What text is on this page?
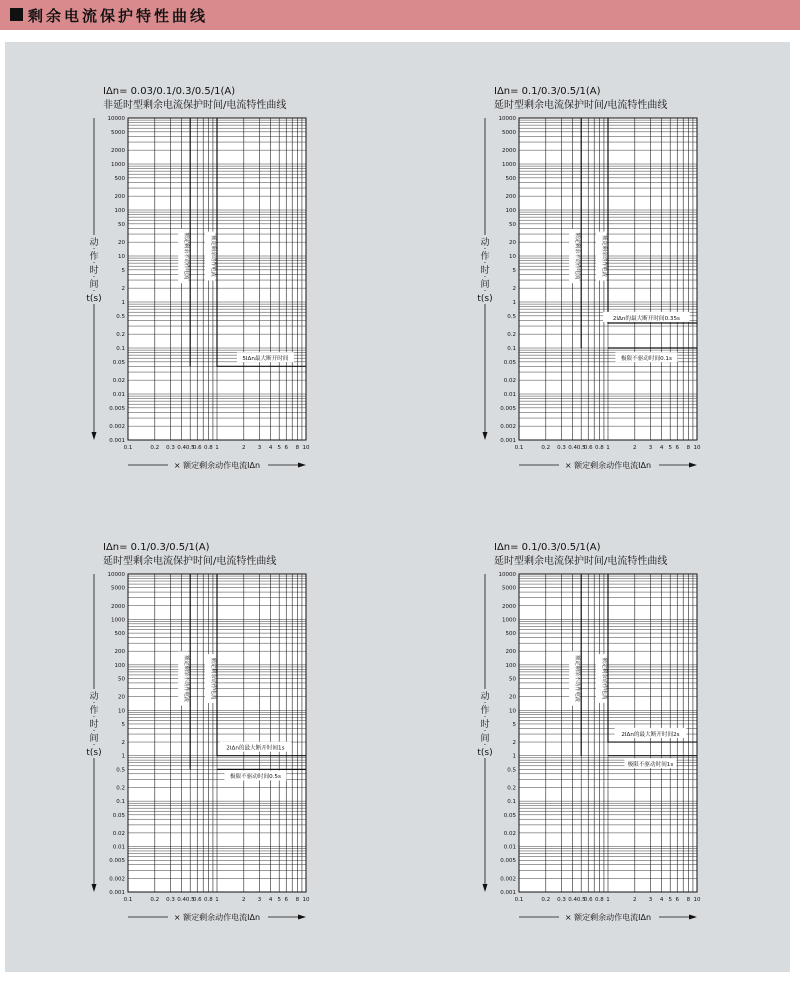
剩余电流保护特性曲线
IΔn= 0.03/0.1/0.3/0.5/1(A)
非延时型剩余电流保护时间/电流特性曲线
10000
5000
2000
1000
500
200
100
50
20
10
5
2
1
0.5
0.2
0.1
0.05
0.02
0.01
0.005
0.002
0.001
0.1	0.2 0.3 0.4 0.5
0.6 0.8 1	2 3 4 5 6 8 10
动
作
时
间
t(s)
× 额定剩余动作电流IΔn
额定剩余不动作电流	额定剩余动作电流
5IΔn最大断开时间
IΔn= 0.1/0.3/0.5/1(A)
延时型剩余电流保护时间/电流特性曲线
10000
5000
2000
1000
500
200
100
50
20
10
5
2
1
0.5
0.2
0.1
0.05
0.02
0.01
0.005
0.002
0.001
0.1	0.2 0.3 0.4 0.5
0.6 0.8 1	2 3 4 5 6 8 10
动
作
时
间
t(s)
× 额定剩余动作电流IΔn
额定剩余不动作电流	额定剩余动作电流
2IΔn的最大断开时间0.35s
极限不驱动时间0.1s
IΔn= 0.1/0.3/0.5/1(A)
延时型剩余电流保护时间/电流特性曲线
10000
5000
2000
1000
500
200
100
50
20
10
5
2
1
0.5
0.2
0.1
0.05
0.02
0.01
0.005
0.002
0.001
0.1	0.2 0.3 0.4 0.5
0.6 0.8 1	2 3 4 5 6 8 10
动
作
时
间
t(s)
× 额定剩余动作电流IΔn
额定剩余不动作电流	额定剩余动作电流
2IΔn的最大断开时间1s
极限不驱动时间0.5s
IΔn= 0.1/0.3/0.5/1(A)
延时型剩余电流保护时间/电流特性曲线
10000
5000
2000
1000
500
200
100
50
20
10
5
2
1
0.5
0.2
0.1
0.05
0.02
0.01
0.005
0.002
0.001
0.1	0.2 0.3 0.4 0.5
0.6 0.8 1	2 3 4 5 6 8 10
动
作
时
间
t(s)
× 额定剩余动作电流IΔn
额定剩余不动作电流	额定剩余动作电流
2IΔn的最大断开时间2s
极限不驱动时间1s
